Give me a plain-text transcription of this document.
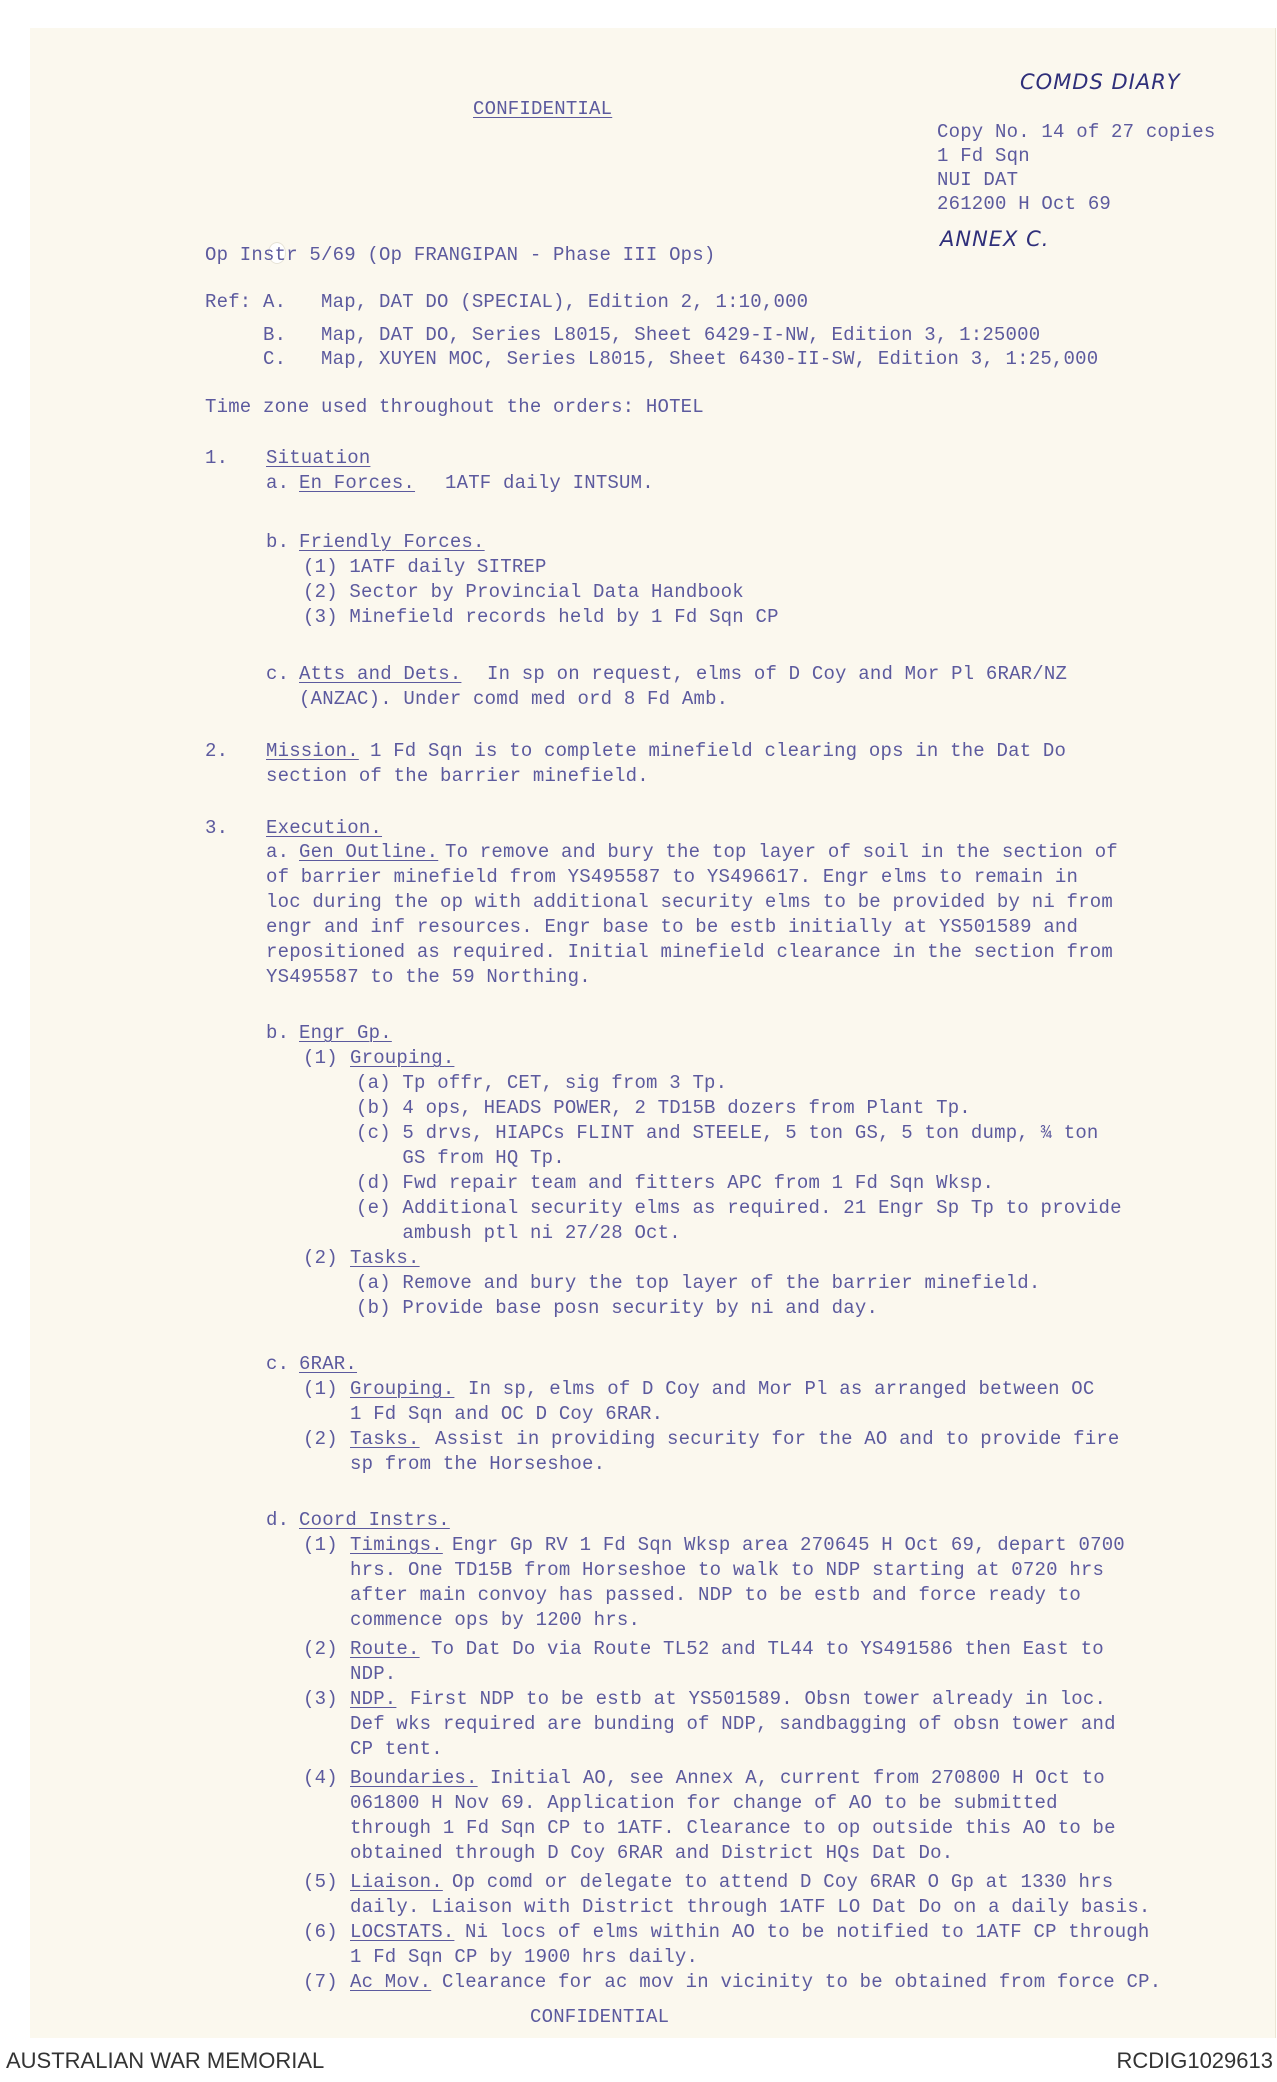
CONFIDENTIAL
COMDS DIARY
Copy No. 14 of 27 copies
1 Fd Sqn
NUI DAT
261200 H Oct 69
ANNEX C.
Op Instr 5/69 (Op FRANGIPAN - Phase III Ops)
Ref: A.   Map, DAT DO (SPECIAL), Edition 2, 1:10,000
B.   Map, DAT DO, Series L8015, Sheet 6429-I-NW, Edition 3, 1:25000
C.   Map, XUYEN MOC, Series L8015, Sheet 6430-II-SW, Edition 3, 1:25,000
Time zone used throughout the orders: HOTEL
1. Situation
a. En Forces. 1ATF daily INTSUM.
b. Friendly Forces.
(1) 1ATF daily SITREP
(2) Sector by Provincial Data Handbook
(3) Minefield records held by 1 Fd Sqn CP
c. Atts and Dets. In sp on request, elms of D Coy and Mor Pl 6RAR/NZ
(ANZAC). Under comd med ord 8 Fd Amb.
2. Mission. 1 Fd Sqn is to complete minefield clearing ops in the Dat Do
section of the barrier minefield.
3. Execution.
a. Gen Outline. To remove and bury the top layer of soil in the section of
of barrier minefield from YS495587 to YS496617. Engr elms to remain in
loc during the op with additional security elms to be provided by ni from
engr and inf resources. Engr base to be estb initially at YS501589 and
repositioned as required. Initial minefield clearance in the section from
YS495587 to the 59 Northing.
b. Engr Gp.
(1) Grouping.
(a) Tp offr, CET, sig from 3 Tp.
(b) 4 ops, HEADS POWER, 2 TD15B dozers from Plant Tp.
(c) 5 drvs, HIAPCs FLINT and STEELE, 5 ton GS, 5 ton dump, ¾ ton
GS from HQ Tp.
(d) Fwd repair team and fitters APC from 1 Fd Sqn Wksp.
(e) Additional security elms as required. 21 Engr Sp Tp to provide
ambush ptl ni 27/28 Oct.
(2) Tasks.
(a) Remove and bury the top layer of the barrier minefield.
(b) Provide base posn security by ni and day.
c. 6RAR.
(1) Grouping. In sp, elms of D Coy and Mor Pl as arranged between OC
1 Fd Sqn and OC D Coy 6RAR.
(2) Tasks. Assist in providing security for the AO and to provide fire
sp from the Horseshoe.
d. Coord Instrs.
(1) Timings. Engr Gp RV 1 Fd Sqn Wksp area 270645 H Oct 69, depart 0700
hrs. One TD15B from Horseshoe to walk to NDP starting at 0720 hrs
after main convoy has passed. NDP to be estb and force ready to
commence ops by 1200 hrs.
(2) Route. To Dat Do via Route TL52 and TL44 to YS491586 then East to
NDP.
(3) NDP. First NDP to be estb at YS501589. Obsn tower already in loc.
Def wks required are bunding of NDP, sandbagging of obsn tower and
CP tent.
(4) Boundaries. Initial AO, see Annex A, current from 270800 H Oct to
061800 H Nov 69. Application for change of AO to be submitted
through 1 Fd Sqn CP to 1ATF. Clearance to op outside this AO to be
obtained through D Coy 6RAR and District HQs Dat Do.
(5) Liaison. Op comd or delegate to attend D Coy 6RAR O Gp at 1330 hrs
daily. Liaison with District through 1ATF LO Dat Do on a daily basis.
(6) LOCSTATS. Ni locs of elms within AO to be notified to 1ATF CP through
1 Fd Sqn CP by 1900 hrs daily.
(7) Ac Mov. Clearance for ac mov in vicinity to be obtained from force CP.
CONFIDENTIAL
AUSTRALIAN WAR MEMORIAL	RCDIG1029613
